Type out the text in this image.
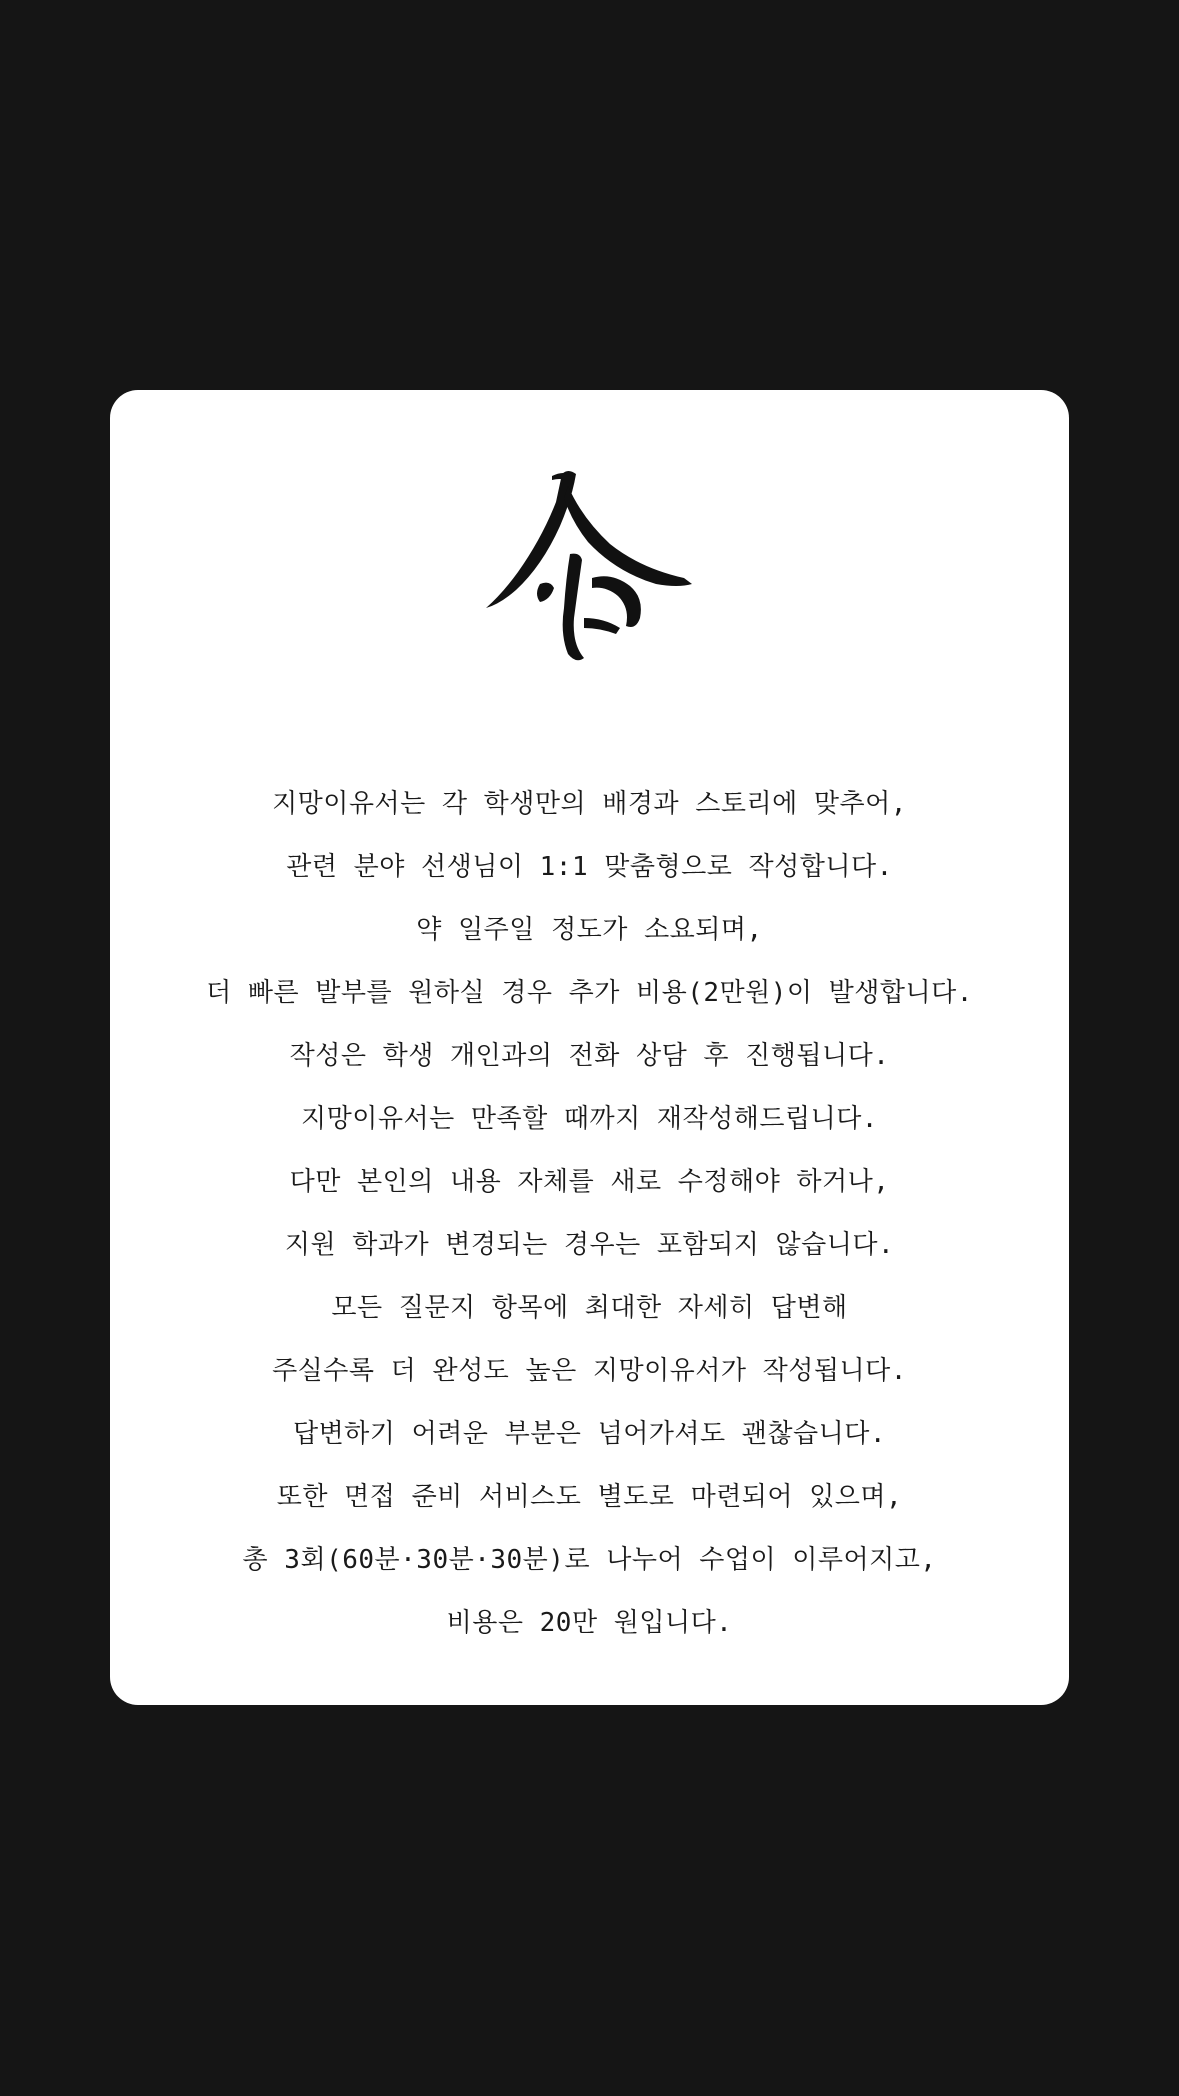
지망이유서는 각 학생만의 배경과 스토리에 맞추어,
관련 분야 선생님이 1:1 맞춤형으로 작성합니다.
약 일주일 정도가 소요되며,
더 빠른 발부를 원하실 경우 추가 비용(2만원)이 발생합니다.
작성은 학생 개인과의 전화 상담 후 진행됩니다.
지망이유서는 만족할 때까지 재작성해드립니다.
다만 본인의 내용 자체를 새로 수정해야 하거나,
지원 학과가 변경되는 경우는 포함되지 않습니다.
모든 질문지 항목에 최대한 자세히 답변해
주실수록 더 완성도 높은 지망이유서가 작성됩니다.
답변하기 어려운 부분은 넘어가셔도 괜찮습니다.
또한 면접 준비 서비스도 별도로 마련되어 있으며,
총 3회(60분·30분·30분)로 나누어 수업이 이루어지고,
비용은 20만 원입니다.
